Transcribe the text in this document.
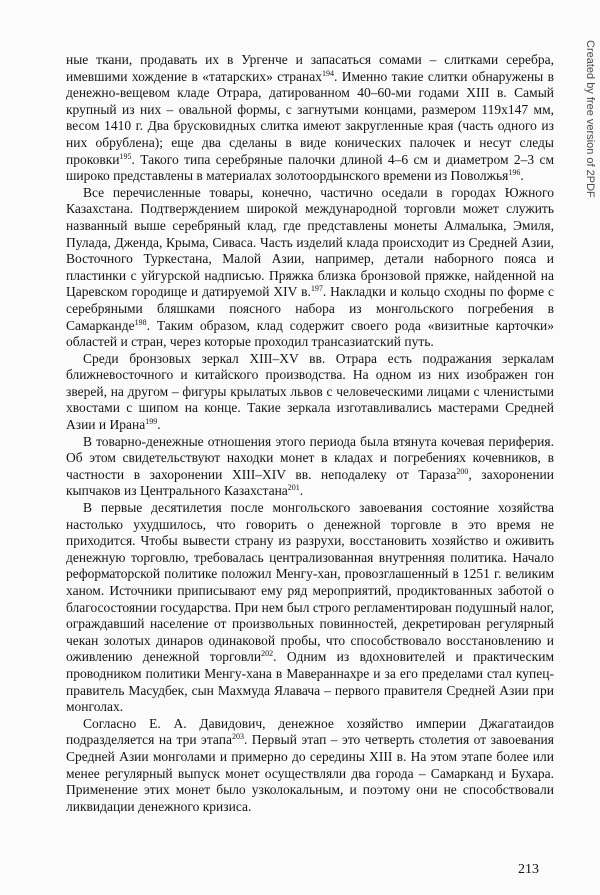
ные ткани, продавать их в Ургенче и запасаться сомами – слитками серебра, имевшими хождение в «татарских» странах$^{194}$. Именно такие слитки обнаружены в денежно-вещевом кладе Отрара, датированном 40–60-ми годами XIII в. Самый крупный из них – овальной формы, с загнутыми концами, размером 119х147 мм, весом 1410 г. Два брусковидных слитка имеют закругленные края (часть одного из них обрублена); еще два сделаны в виде конических палочек и несут следы проковки$^{195}$. Такого типа серебряные палочки длиной 4–6 см и диаметром 2–3 см широко представлены в материалах золотоордынского времени из Поволжья$^{196}$.

Все перечисленные товары, конечно, частично оседали в городах Южного Казахстана. Подтверждением широкой международной торговли может служить названный выше серебряный клад, где представлены монеты Алмалыка, Эмиля, Пулада, Дженда, Крыма, Сиваса. Часть изделий клада происходит из Средней Азии, Восточного Туркестана, Малой Азии, например, детали наборного пояса и пластинки с уйгурской надписью. Пряжка близка бронзовой пряжке, найденной на Царевском городище и датируемой XIV в.$^{197}$. Накладки и кольцо сходны по форме с серебряными бляшками поясного набора из монгольского погребения в Самарканде$^{198}$. Таким образом, клад содержит своего рода «визитные карточки» областей и стран, через которые проходил трансазиатский путь.

Среди бронзовых зеркал XIII–XV вв. Отрара есть подражания зеркалам ближневосточного и китайского производства. На одном из них изображен гон зверей, на другом – фигуры крылатых львов с человеческими лицами с членистыми хвостами с шипом на конце. Такие зеркала изготавливались мастерами Средней Азии и Ирана$^{199}$.

В товарно-денежные отношения этого периода была втянута кочевая периферия. Об этом свидетельствуют находки монет в кладах и погребениях кочевников, в частности в захоронении XIII–XIV вв. неподалеку от Тараза$^{200}$, захоронении кыпчаков из Центрального Казахстана$^{201}$.

В первые десятилетия после монгольского завоевания состояние хозяйства настолько ухудшилось, что говорить о денежной торговле в это время не приходится. Чтобы вывести страну из разрухи, восстановить хозяйство и оживить денежную торговлю, требовалась централизованная внутренняя политика. Начало реформаторской политике положил Менгу-хан, провозглашенный в 1251 г. великим ханом. Источники приписывают ему ряд мероприятий, продиктованных заботой о благосостоянии государства. При нем был строго регламентирован подушный налог, ограждавший население от произвольных повинностей, декретирован регулярный чекан золотых динаров одинаковой пробы, что способствовало восстановлению и оживлению денежной торговли$^{202}$. Одним из вдохновителей и практическим проводником политики Менгу-хана в Мавераннахре и за его пределами стал купец-правитель Масудбек, сын Махмуда Ялавача – первого правителя Средней Азии при монголах.

Согласно Е. А. Давидович, денежное хозяйство империи Джагатаидов подразделяется на три этапа$^{203}$. Первый этап – это четверть столетия от завоевания Средней Азии монголами и примерно до середины XIII в. На этом этапе более или менее регулярный выпуск монет осуществляли два города – Самарканд и Бухара. Применение этих монет было узколокальным, и поэтому они не способствовали ликвидации денежного кризиса.

Created by free version of 2PDF
213
